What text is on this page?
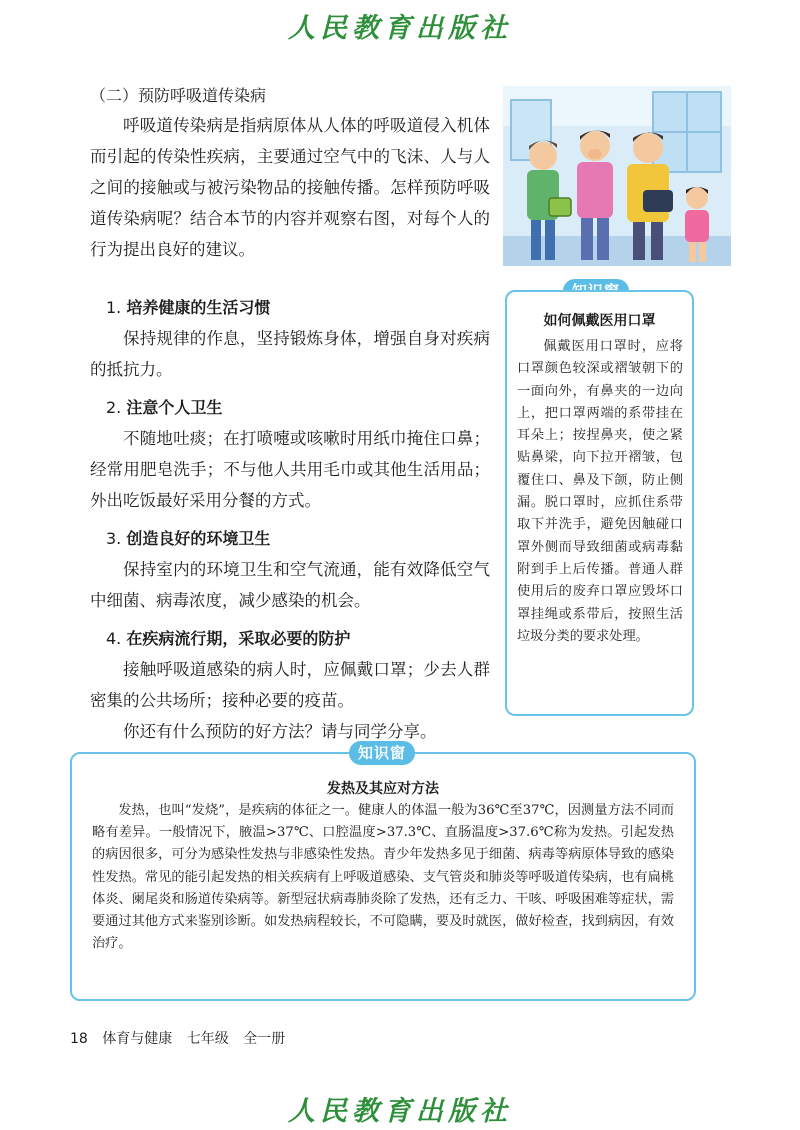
人民教育出版社

（二）预防呼吸道传染病

呼吸道传染病是指病原体从人体的呼吸道侵入机体而引起的传染性疾病，主要通过空气中的飞沫、人与人之间的接触或与被污染物品的接触传播。怎样预防呼吸道传染病呢？结合本节的内容并观察右图，对每个人的行为提出良好的建议。

1. 培养健康的生活习惯

保持规律的作息，坚持锻炼身体，增强自身对疾病的抵抗力。

2. 注意个人卫生

不随地吐痰；在打喷嚏或咳嗽时用纸巾掩住口鼻；经常用肥皂洗手；不与他人共用毛巾或其他生活用品；外出吃饭最好采用分餐的方式。

3. 创造良好的环境卫生

保持室内的环境卫生和空气流通，能有效降低空气中细菌、病毒浓度，减少感染的机会。

4. 在疾病流行期，采取必要的防护

接触呼吸道感染的病人时，应佩戴口罩；少去人群密集的公共场所；接种必要的疫苗。

你还有什么预防的好方法？请与同学分享。

如何佩戴医用口罩

佩戴医用口罩时，应将口罩颜色较深或褶皱朝下的一面向外，有鼻夹的一边向上，把口罩两端的系带挂在耳朵上；按捏鼻夹，使之紧贴鼻梁，向下拉开褶皱，包覆住口、鼻及下颌，防止侧漏。脱口罩时，应抓住系带取下并洗手，避免因触碰口罩外侧而导致细菌或病毒黏附到手上后传播。普通人群使用后的废弃口罩应毁坏口罩挂绳或系带后，按照生活垃圾分类的要求处理。

发热及其应对方法

发热，也叫“发烧”，是疾病的体征之一。健康人的体温一般为36℃至37℃，因测量方法不同而略有差异。一般情况下，腋温>37℃、口腔温度>37.3℃、直肠温度>37.6℃称为发热。引起发热的病因很多，可分为感染性发热与非感染性发热。青少年发热多见于细菌、病毒等病原体导致的感染性发热。常见的能引起发热的相关疾病有上呼吸道感染、支气管炎和肺炎等呼吸道传染病，也有扁桃体炎、阑尾炎和肠道传染病等。新型冠状病毒肺炎除了发热，还有乏力、干咳、呼吸困难等症状，需要通过其他方式来鉴别诊断。如发热病程较长，不可隐瞒，要及时就医，做好检查，找到病因，有效治疗。

知识窗
18 体育与健康 七年级 全一册
人民教育出版社
